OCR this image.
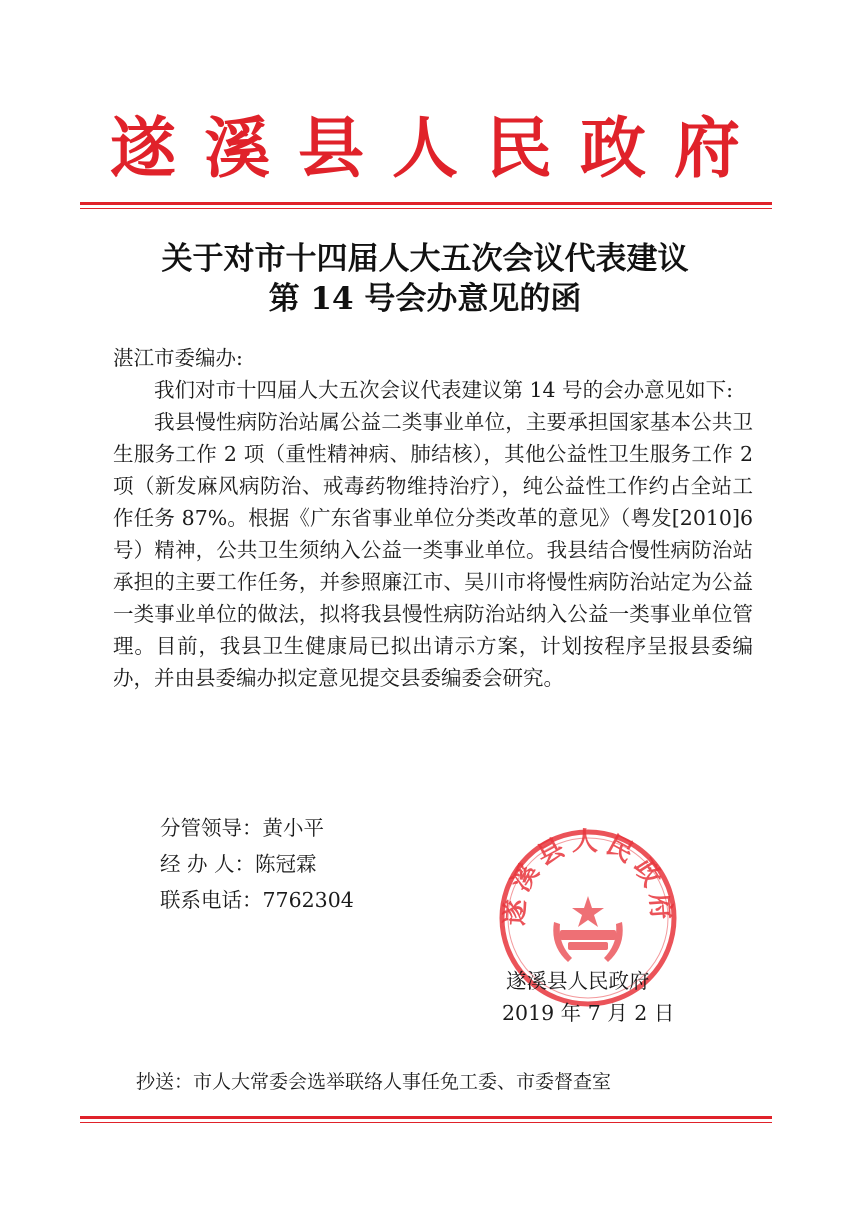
遂溪县人民政府
关于对市十四届人大五次会议代表建议
第 14 号会办意见的函
湛江市委编办:

我们对市十四届人大五次会议代表建议第 14 号的会办意见如下:

我县慢性病防治站属公益二类事业单位，主要承担国家基本公共卫生服务工作 2 项（重性精神病、肺结核），其他公益性卫生服务工作 2 项（新发麻风病防治、戒毒药物维持治疗），纯公益性工作约占全站工作任务 87%。根据《广东省事业单位分类改革的意见》（粤发[2010]6 号）精神，公共卫生须纳入公益一类事业单位。我县结合慢性病防治站承担的主要工作任务，并参照廉江市、吴川市将慢性病防治站定为公益一类事业单位的做法，拟将我县慢性病防治站纳入公益一类事业单位管理。目前，我县卫生健康局已拟出请示方案，计划按程序呈报县委编办，并由县委编办拟定意见提交县委编委会研究。

分管领导：黄小平
经 办 人：陈冠霖
联系电话：7762304	遂溪县人民政府
遂溪县人民政府
2019 年 7 月 2 日
抄送：市人大常委会选举联络人事任免工委、市委督查室
